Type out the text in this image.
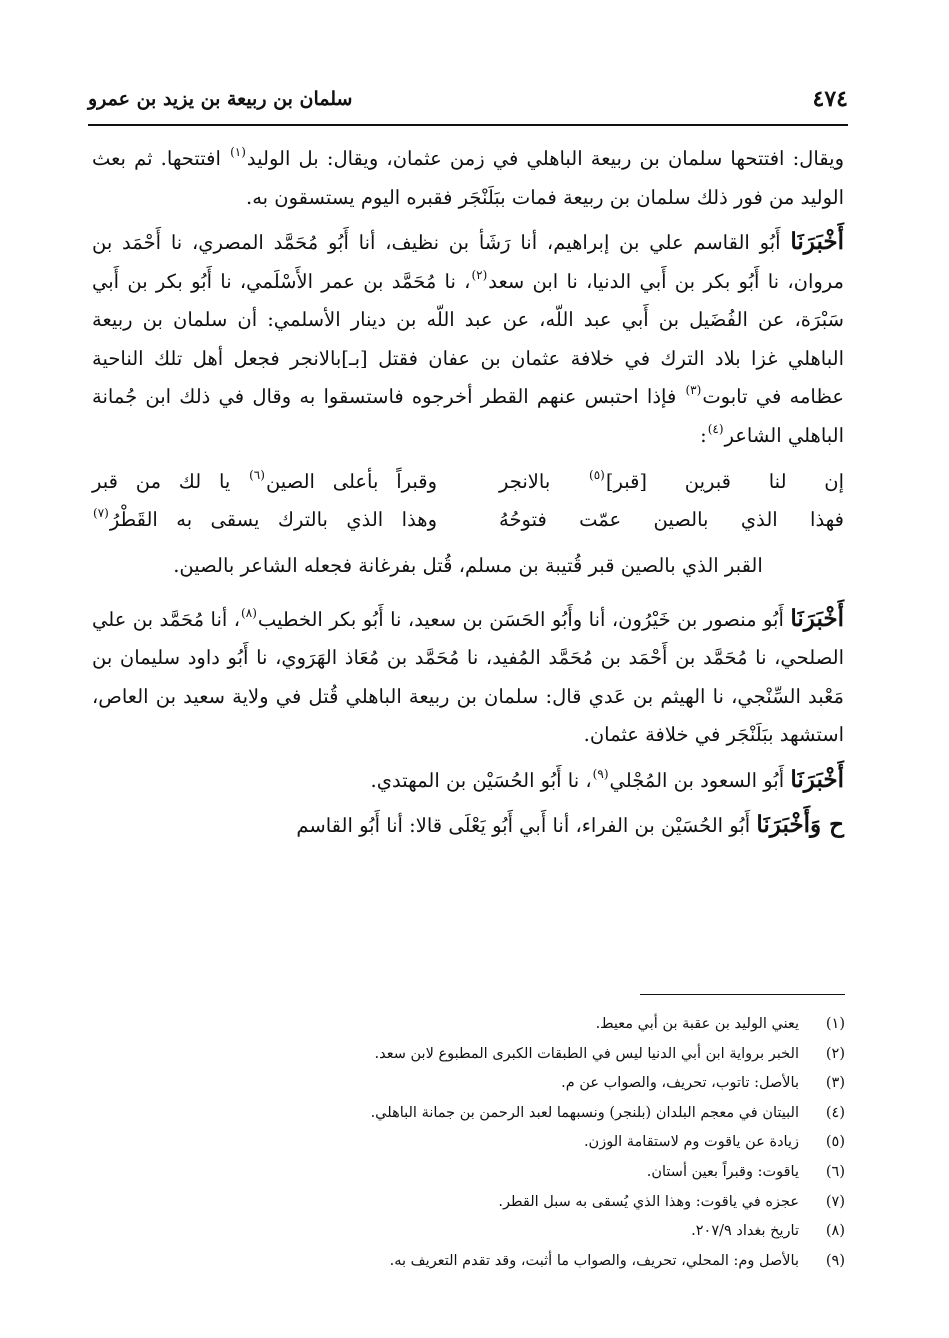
٤٧٤
سلمان بن ربيعة بن يزيد بن عمرو

ويقال: افتتحها سلمان بن ربيعة الباهلي في زمن عثمان، ويقال: بل الوليد$^{(١)}$ افتتحها. ثم بعث الوليد من فور ذلك سلمان بن ربيعة فمات ببَلَنْجَر فقبره اليوم يستسقون به.

أَخْبَرَنَا أَبُو القاسم علي بن إبراهيم، أنا رَشَأ بن نظيف، أنا أَبُو مُحَمَّد المصري، نا أَحْمَد بن مروان، نا أَبُو بكر بن أَبي الدنيا، نا ابن سعد$^{(٢)}$، نا مُحَمَّد بن عمر الأَسْلَمي، نا أَبُو بكر بن أَبي سَبْرَة، عن الفُضَيل بن أَبي عبد اللّه، عن عبد اللّه بن دينار الأسلمي: أن سلمان بن ربيعة الباهلي غزا بلاد الترك في خلافة عثمان بن عفان فقتل [بـ]بالانجر فجعل أهل تلك الناحية عظامه في تابوت$^{(٣)}$ فإذا احتبس عنهم القطر أخرجوه فاستسقوا به وقال في ذلك ابن جُمانة الباهلي الشاعر$^{(٤)}$:

إن لنا قبرين [قبر]$^{(٥)}$ بالانجر
وقبراً بأعلى الصين$^{(٦)}$ يا لك من قبر
فهذا الذي بالصين عمّت فتوحُهُ
وهذا الذي بالترك يسقى به القَطْرُ$^{(٧)}$

القبر الذي بالصين قبر قُتيبة بن مسلم، قُتل بفرغانة فجعله الشاعر بالصين.

أَخْبَرَنَا أَبُو منصور بن خَيْرُون، أنا وأَبُو الحَسَن بن سعيد، نا أَبُو بكر الخطيب$^{(٨)}$، أنا مُحَمَّد بن علي الصلحي، نا مُحَمَّد بن أَحْمَد بن مُحَمَّد المُفيد، نا مُحَمَّد بن مُعَاذ الهَرَوي، نا أَبُو داود سليمان بن مَعْبد السِّنْجي، نا الهيثم بن عَدي قال: سلمان بن ربيعة الباهلي قُتل في ولاية سعيد بن العاص، استشهد ببَلَنْجَر في خلافة عثمان.

أَخْبَرَنَا أَبُو السعود بن المُجْلي$^{(٩)}$، نا أَبُو الحُسَيْن بن المهتدي.

ح وَأَخْبَرَنَا أَبُو الحُسَيْن بن الفراء، أنا أَبي أَبُو يَعْلَى قالا: أنا أَبُو القاسم

(١)
يعني الوليد بن عقبة بن أبي معيط.
(٢)
الخبر برواية ابن أبي الدنيا ليس في الطبقات الكبرى المطبوع لابن سعد.
(٣)
بالأصل: تاتوب، تحريف، والصواب عن م.
(٤)
البيتان في معجم البلدان (بلنجر) ونسبهما لعبد الرحمن بن جمانة الباهلي.
(٥)
زيادة عن ياقوت وم لاستقامة الوزن.
(٦)
ياقوت: وقبراً بعين أستان.
(٧)
عجزه في ياقوت: وهذا الذي يُسقى به سبل القطر.
(٨)
تاريخ بغداد ٢٠٧/٩.
(٩)
بالأصل وم: المحلي، تحريف، والصواب ما أثبت، وقد تقدم التعريف به.
